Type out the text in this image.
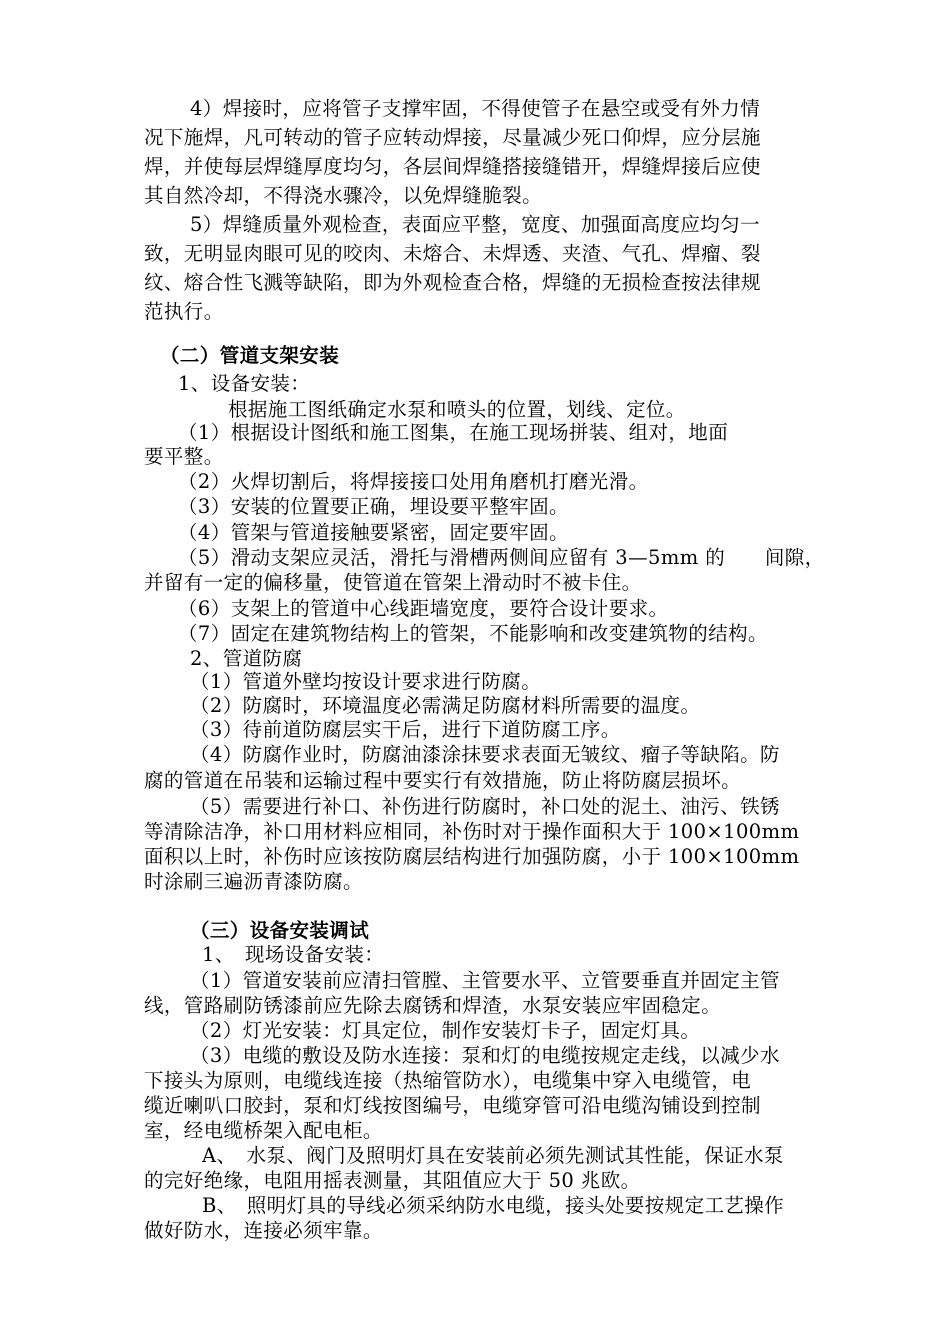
4）焊接时，应将管子支撑牢固，不得使管子在悬空或受有外力情

况下施焊，凡可转动的管子应转动焊接，尽量减少死口仰焊，应分层施

焊，并使每层焊缝厚度均匀，各层间焊缝搭接缝错开，焊缝焊接后应使

其自然冷却，不得浇水骤冷，以免焊缝脆裂。

5）焊缝质量外观检查，表面应平整，宽度、加强面高度应均匀一

致，无明显肉眼可见的咬肉、未熔合、未焊透、夹渣、气孔、焊瘤、裂

纹、熔合性飞溅等缺陷，即为外观检查合格，焊缝的无损检查按法律规

范执行。

（二）管道支架安装

1、设备安装：

根据施工图纸确定水泵和喷头的位置，划线、定位。

（1）根据设计图纸和施工图集，在施工现场拼装、组对，地面

要平整。

（2）火焊切割后，将焊接接口处用角磨机打磨光滑。

（3）安装的位置要正确，埋设要平整牢固。

（4）管架与管道接触要紧密，固定要牢固。

（5）滑动支架应灵活，滑托与滑槽两侧间应留有 3—5mm 的　　间隙，

并留有一定的偏移量，使管道在管架上滑动时不被卡住。

（6）支架上的管道中心线距墙宽度，要符合设计要求。

（7）固定在建筑物结构上的管架，不能影响和改变建筑物的结构。

2、管道防腐

（1）管道外壁均按设计要求进行防腐。

（2）防腐时，环境温度必需满足防腐材料所需要的温度。

（3）待前道防腐层实干后，进行下道防腐工序。

（4）防腐作业时，防腐油漆涂抹要求表面无皱纹、瘤子等缺陷。防

腐的管道在吊装和运输过程中要实行有效措施，防止将防腐层损坏。

（5）需要进行补口、补伤进行防腐时，补口处的泥土、油污、铁锈

等清除洁净，补口用材料应相同，补伤时对于操作面积大于 100×100mm

面积以上时，补伤时应该按防腐层结构进行加强防腐，小于 100×100mm

时涂刷三遍沥青漆防腐。

（三）设备安装调试

1、　现场设备安装：

（1）管道安装前应清扫管膛、主管要水平、立管要垂直并固定主管

线，管路刷防锈漆前应先除去腐锈和焊渣，水泵安装应牢固稳定。

（2）灯光安装：灯具定位，制作安装灯卡子，固定灯具。

（3）电缆的敷设及防水连接：泵和灯的电缆按规定走线，以减少水

下接头为原则，电缆线连接（热缩管防水），电缆集中穿入电缆管，电

缆近喇叭口胶封，泵和灯线按图编号，电缆穿管可沿电缆沟铺设到控制

室，经电缆桥架入配电柜。

A、　水泵、阀门及照明灯具在安装前必须先测试其性能，保证水泵

的完好绝缘，电阻用摇表测量，其阻值应大于 50 兆欧。

B、　照明灯具的导线必须采纳防水电缆，接头处要按规定工艺操作

做好防水，连接必须牢靠。
